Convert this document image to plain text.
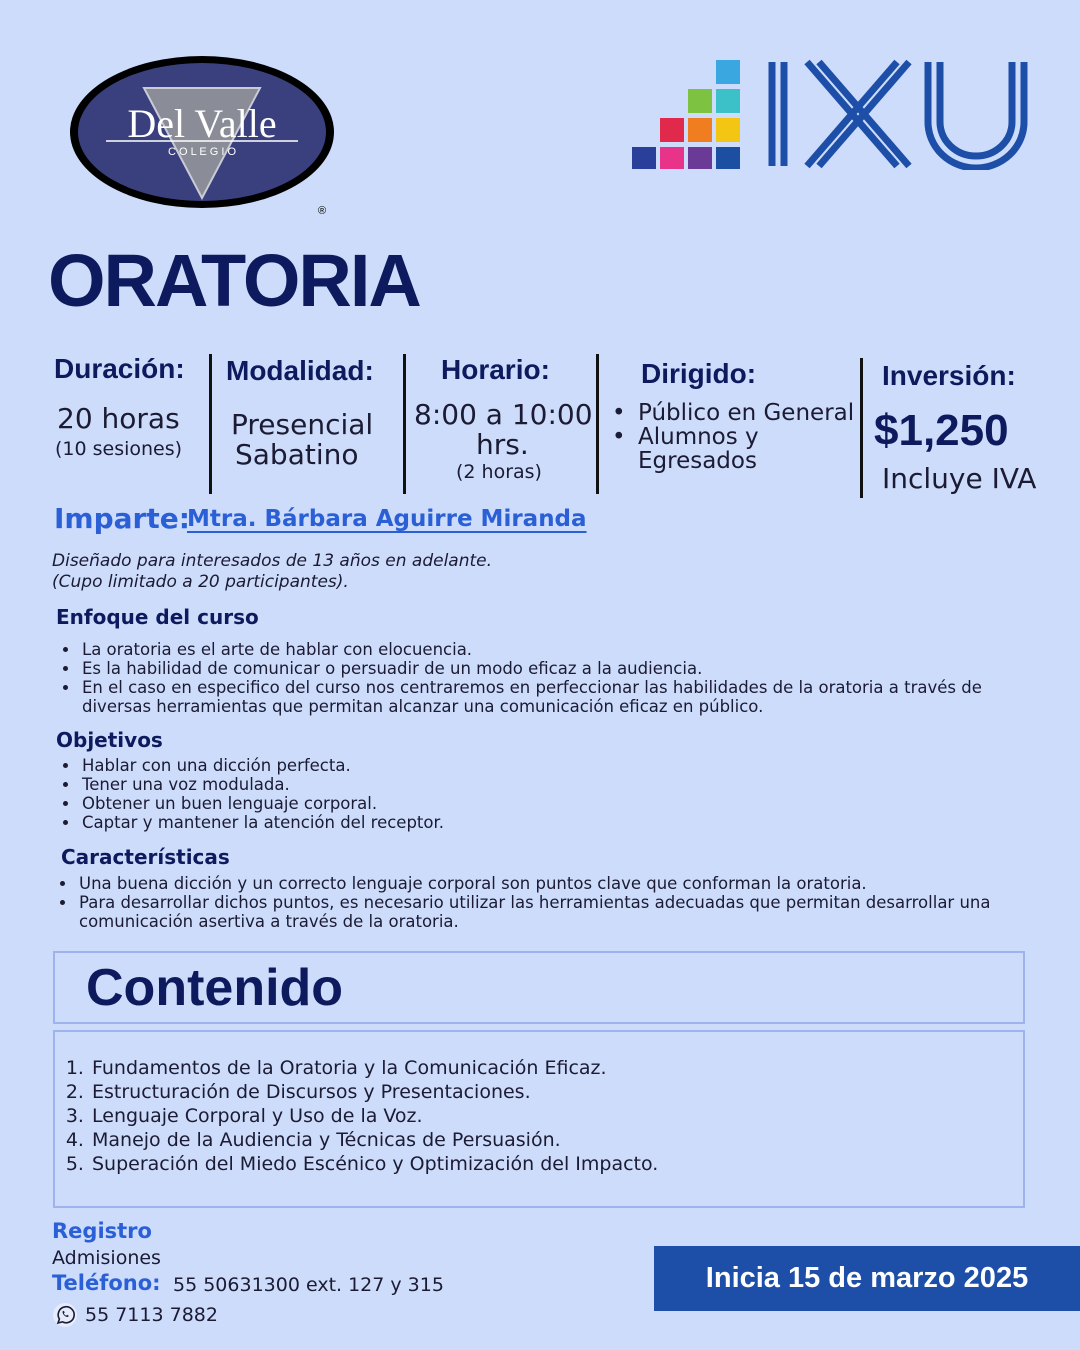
Del Valle
C O L E G I O
®
ORATORIA
Duración:
20 horas
(10 sesiones)
Modalidad:
Presencial
Sabatino
Horario:
8:00 a 10:00
hrs.
(2 horas)
Dirigido:
• Público en General
• Alumnos y
Egresados
Inversión:
$1,250
Incluye IVA
Imparte:
Mtra. Bárbara Aguirre Miranda
Diseñado para interesados de 13 años en adelante.
(Cupo limitado a 20 participantes).
Enfoque del curso
• La oratoria es el arte de hablar con elocuencia.
• Es la habilidad de comunicar o persuadir de un modo eficaz a la audiencia.
• En el caso en especifico del curso nos centraremos en perfeccionar las habilidades de la oratoria a través de diversas herramientas que permitan alcanzar una comunicación eficaz en público.
Objetivos
• Hablar con una dicción perfecta.
• Tener una voz modulada.
• Obtener un buen lenguaje corporal.
• Captar y mantener la atención del receptor.
Características
• Una buena dicción y un correcto lenguaje corporal son puntos clave que conforman la oratoria.
• Para desarrollar dichos puntos, es necesario utilizar las herramientas adecuadas que permitan desarrollar una comunicación asertiva a través de la oratoria.
Contenido
1. Fundamentos de la Oratoria y la Comunicación Eficaz.
2. Estructuración de Discursos y Presentaciones.
3. Lenguaje Corporal y Uso de la Voz.
4. Manejo de la Audiencia y Técnicas de Persuasión.
5. Superación del Miedo Escénico y Optimización del Impacto.
Registro
Admisiones
Teléfono: 55 50631300 ext. 127 y 315
55 7113 7882
Inicia 15 de marzo 2025
